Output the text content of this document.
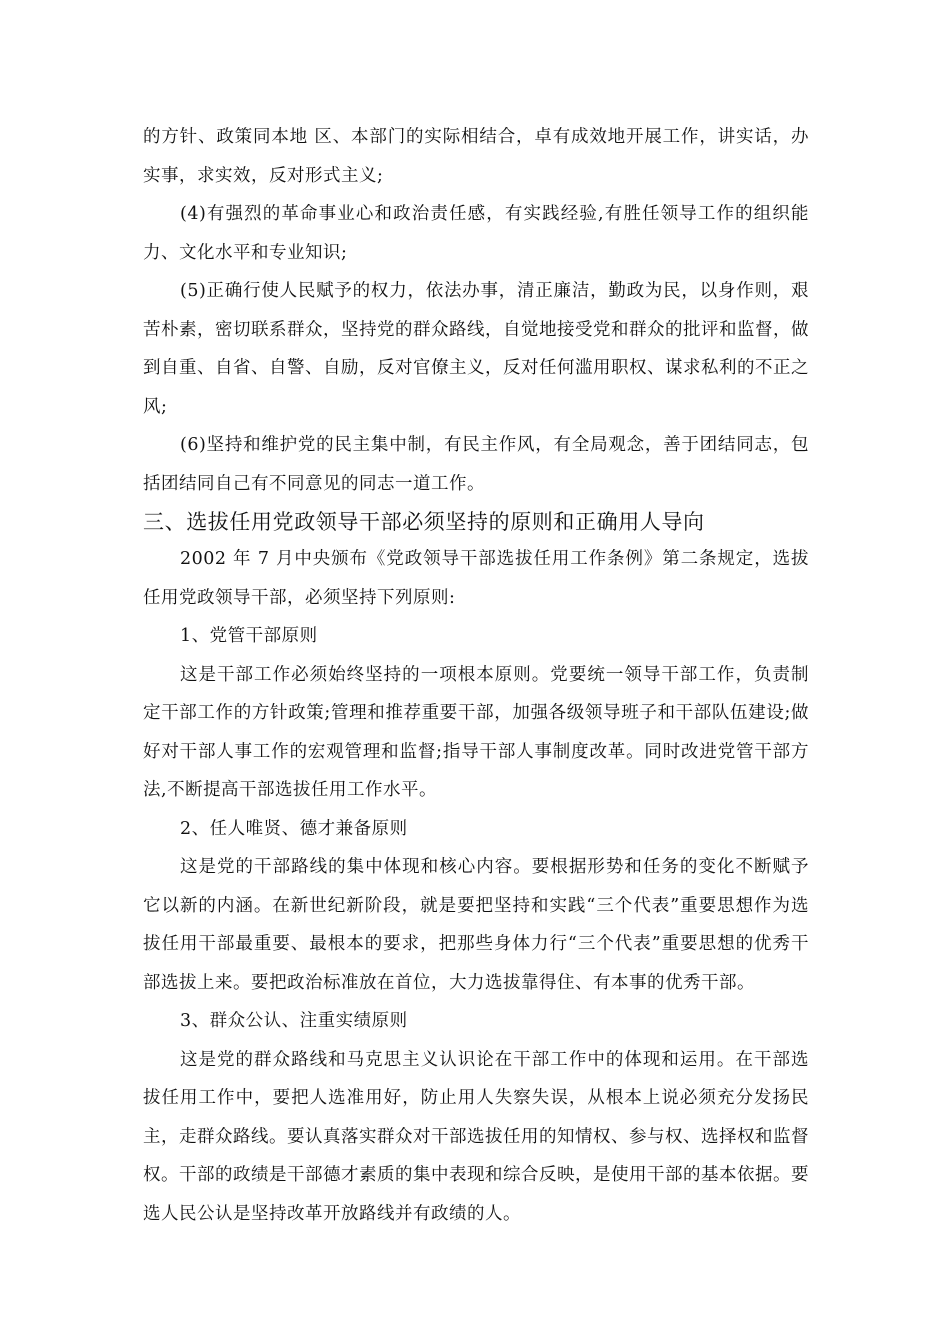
的方针、政策同本地 区、本部门的实际相结合，卓有成效地开展工作，讲实话，办实事，求实效，反对形式主义;

(4)有强烈的革命事业心和政治责任感，有实践经验,有胜任领导工作的组织能力、文化水平和专业知识;

(5)正确行使人民赋予的权力，依法办事，清正廉洁，勤政为民，以身作则，艰苦朴素，密切联系群众，坚持党的群众路线，自觉地接受党和群众的批评和监督，做到自重、自省、自警、自励，反对官僚主义，反对任何滥用职权、谋求私利的不正之风;

(6)坚持和维护党的民主集中制，有民主作风，有全局观念，善于团结同志，包括团结同自己有不同意见的同志一道工作。

三、选拔任用党政领导干部必须坚持的原则和正确用人导向

2002 年 7 月中央颁布《党政领导干部选拔任用工作条例》第二条规定，选拔任用党政领导干部，必须坚持下列原则:

1、党管干部原则

这是干部工作必须始终坚持的一项根本原则。党要统一领导干部工作，负责制定干部工作的方针政策;管理和推荐重要干部，加强各级领导班子和干部队伍建设;做好对干部人事工作的宏观管理和监督;指导干部人事制度改革。同时改进党管干部方法,不断提高干部选拔任用工作水平。

2、任人唯贤、德才兼备原则

这是党的干部路线的集中体现和核心内容。要根据形势和任务的变化不断赋予它以新的内涵。在新世纪新阶段，就是要把坚持和实践“三个代表”重要思想作为选拔任用干部最重要、最根本的要求，把那些身体力行“三个代表”重要思想的优秀干部选拔上来。要把政治标准放在首位，大力选拔靠得住、有本事的优秀干部。

3、群众公认、注重实绩原则

这是党的群众路线和马克思主义认识论在干部工作中的体现和运用。在干部选拔任用工作中，要把人选准用好，防止用人失察失误，从根本上说必须充分发扬民主，走群众路线。要认真落实群众对干部选拔任用的知情权、参与权、选择权和监督权。干部的政绩是干部德才素质的集中表现和综合反映，是使用干部的基本依据。要选人民公认是坚持改革开放路线并有政绩的人。
